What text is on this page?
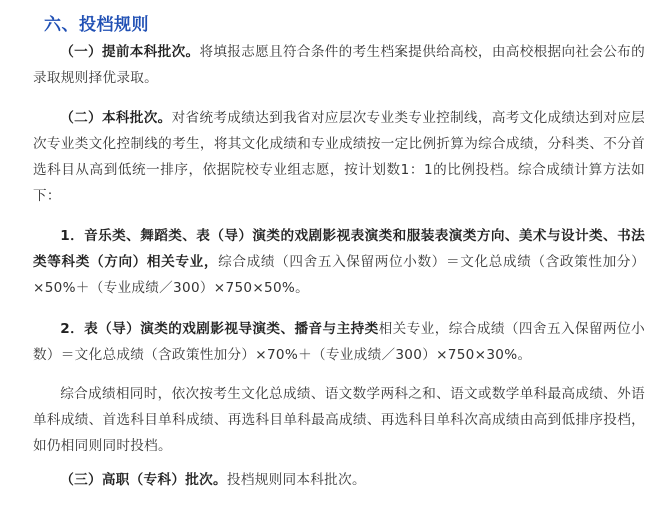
六、投档规则

（一）提前本科批次。将填报志愿且符合条件的考生档案提供给高校，由高校根据向社会公布的录取规则择优录取。

（二）本科批次。对省统考成绩达到我省对应层次专业类专业控制线，高考文化成绩达到对应层次专业类文化控制线的考生，将其文化成绩和专业成绩按一定比例折算为综合成绩，分科类、不分首选科目从高到低统一排序，依据院校专业组志愿，按计划数1：1的比例投档。综合成绩计算方法如下：

1．音乐类、舞蹈类、表（导）演类的戏剧影视表演类和服装表演类方向、美术与设计类、书法类等科类（方向）相关专业，综合成绩（四舍五入保留两位小数）＝文化总成绩（含政策性加分）×50%＋（专业成绩／300）×750×50%。

2．表（导）演类的戏剧影视导演类、播音与主持类相关专业，综合成绩（四舍五入保留两位小数）＝文化总成绩（含政策性加分）×70%＋（专业成绩／300）×750×30%。

综合成绩相同时，依次按考生文化总成绩、语文数学两科之和、语文或数学单科最高成绩、外语单科成绩、首选科目单科成绩、再选科目单科最高成绩、再选科目单科次高成绩由高到低排序投档，如仍相同则同时投档。

（三）高职（专科）批次。投档规则同本科批次。
